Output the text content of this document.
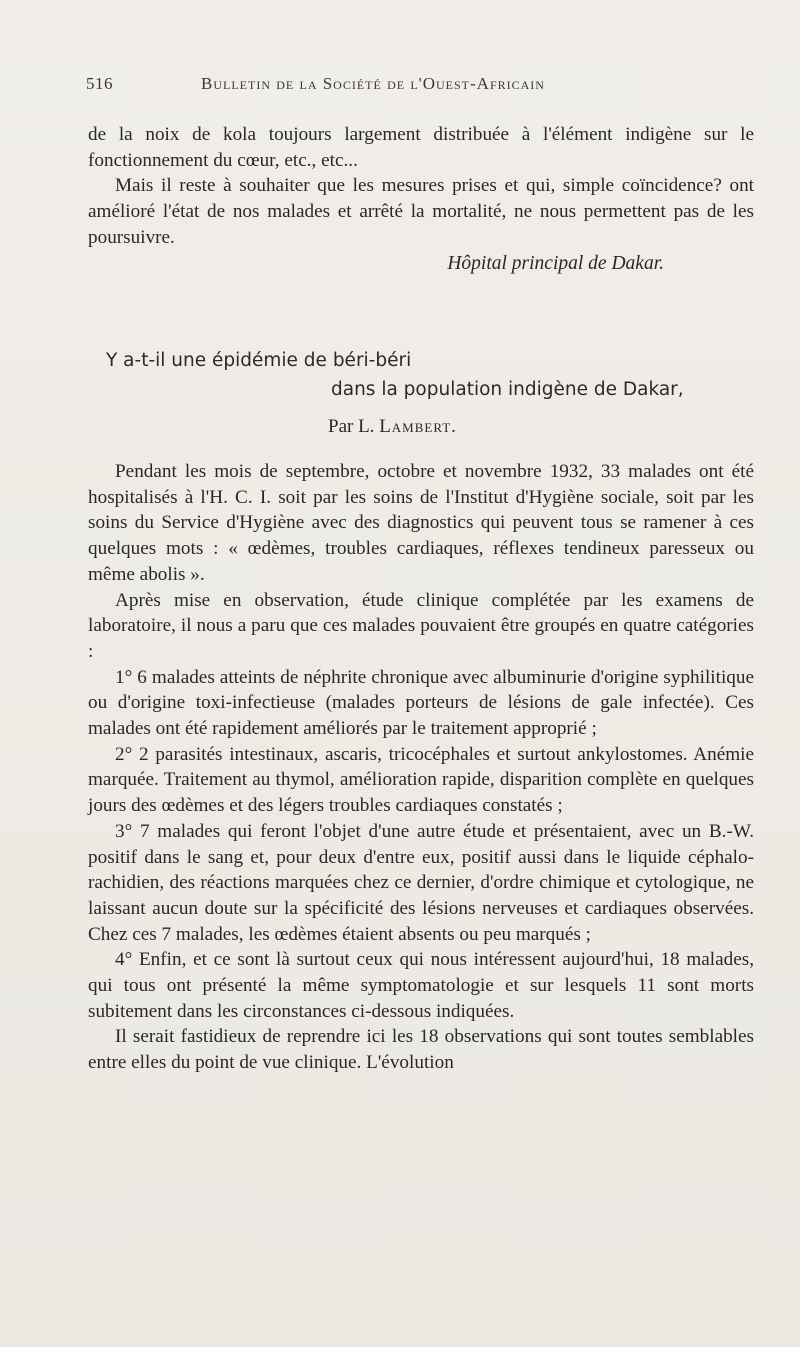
516	Bulletin de la Société de l'Ouest-Africain

de la noix de kola toujours largement distribuée à l'élément indigène sur le fonctionnement du cœur, etc., etc...

Mais il reste à souhaiter que les mesures prises et qui, simple coïncidence? ont amélioré l'état de nos malades et arrêté la mortalité, ne nous permettent pas de les poursuivre.

Hôpital principal de Dakar.
Y a-t-il une épidémie de béri-béri
dans la population indigène de Dakar,
Par L. Lambert.

Pendant les mois de septembre, octobre et novembre 1932, 33 malades ont été hospitalisés à l'H. C. I. soit par les soins de l'Institut d'Hygiène sociale, soit par les soins du Service d'Hygiène avec des diagnostics qui peuvent tous se ramener à ces quelques mots : « œdèmes, troubles cardiaques, réflexes tendineux paresseux ou même abolis ».

Après mise en observation, étude clinique complétée par les examens de laboratoire, il nous a paru que ces malades pouvaient être groupés en quatre catégories :

1° 6 malades atteints de néphrite chronique avec albuminurie d'origine syphilitique ou d'origine toxi-infectieuse (malades porteurs de lésions de gale infectée). Ces malades ont été rapidement améliorés par le traitement approprié ;

2° 2 parasités intestinaux, ascaris, tricocéphales et surtout ankylostomes. Anémie marquée. Traitement au thymol, amélioration rapide, disparition complète en quelques jours des œdèmes et des légers troubles cardiaques constatés ;

3° 7 malades qui feront l'objet d'une autre étude et présentaient, avec un B.-W. positif dans le sang et, pour deux d'entre eux, positif aussi dans le liquide céphalo-rachidien, des réactions marquées chez ce dernier, d'ordre chimique et cytologique, ne laissant aucun doute sur la spécificité des lésions nerveuses et cardiaques observées. Chez ces 7 malades, les œdèmes étaient absents ou peu marqués ;

4° Enfin, et ce sont là surtout ceux qui nous intéressent aujourd'hui, 18 malades, qui tous ont présenté la même symptomatologie et sur lesquels 11 sont morts subitement dans les circonstances ci-dessous indiquées.

Il serait fastidieux de reprendre ici les 18 observations qui sont toutes semblables entre elles du point de vue clinique. L'évolution
